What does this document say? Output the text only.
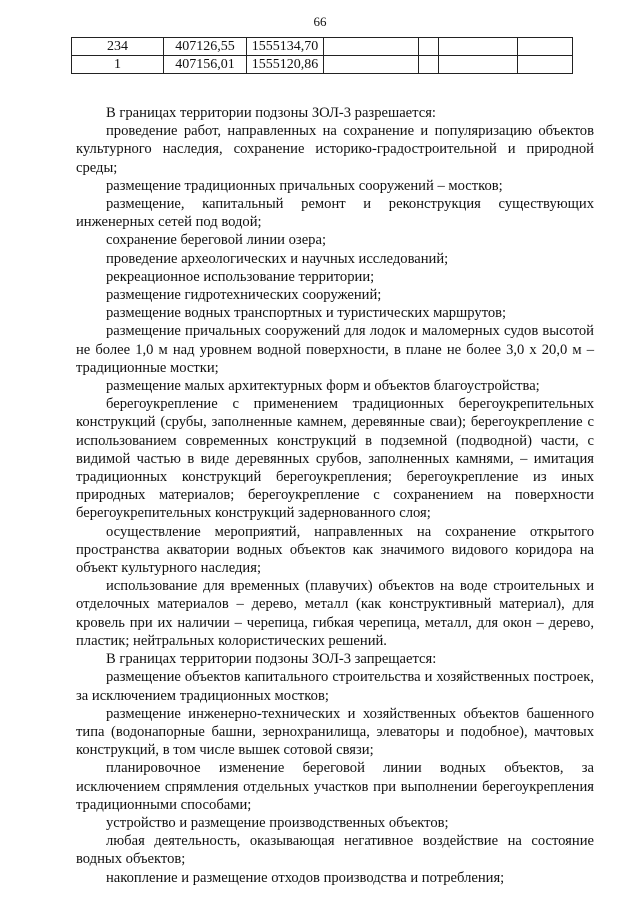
66
234	407126,55	1555134,70				
1	407156,01	1555120,86				

В границах территории подзоны ЗОЛ-3 разрешается:

проведение работ, направленных на сохранение и популяризацию объектов культурного наследия, сохранение историко-градостроительной и природной среды;

размещение традиционных причальных сооружений – мостков;

размещение, капитальный ремонт и реконструкция существующих инженерных сетей под водой;

сохранение береговой линии озера;

проведение археологических и научных исследований;

рекреационное использование территории;

размещение гидротехнических сооружений;

размещение водных транспортных и туристических маршрутов;

размещение причальных сооружений для лодок и маломерных судов высотой не более 1,0 м над уровнем водной поверхности, в плане не более 3,0 х 20,0 м – традиционные мостки;

размещение малых архитектурных форм и объектов благоустройства;

берегоукрепление с применением традиционных берегоукрепительных конструкций (срубы, заполненные камнем, деревянные сваи); берегоукрепление с использованием современных конструкций в подземной (подводной) части, с видимой частью в виде деревянных срубов, заполненных камнями, – имитация традиционных конструкций берегоукрепления; берегоукрепление из иных природных материалов; берегоукрепление с сохранением на поверхности берегоукрепительных конструкций задернованного слоя;

осуществление мероприятий, направленных на сохранение открытого пространства акватории водных объектов как значимого видового коридора на объект культурного наследия;

использование для временных (плавучих) объектов на воде строительных и отделочных материалов – дерево, металл (как конструктивный материал), для кровель при их наличии – черепица, гибкая черепица, металл, для окон – дерево, пластик; нейтральных колористических решений.

В границах территории подзоны ЗОЛ-3 запрещается:

размещение объектов капитального строительства и хозяйственных построек, за исключением традиционных мостков;

размещение инженерно-технических и хозяйственных объектов башенного типа (водонапорные башни, зернохранилища, элеваторы и подобное), мачтовых конструкций, в том числе вышек сотовой связи;

планировочное изменение береговой линии водных объектов, за исключением спрямления отдельных участков при выполнении берегоукрепления традиционными способами;

устройство и размещение производственных объектов;

любая деятельность, оказывающая негативное воздействие на состояние водных объектов;

накопление и размещение отходов производства и потребления;
